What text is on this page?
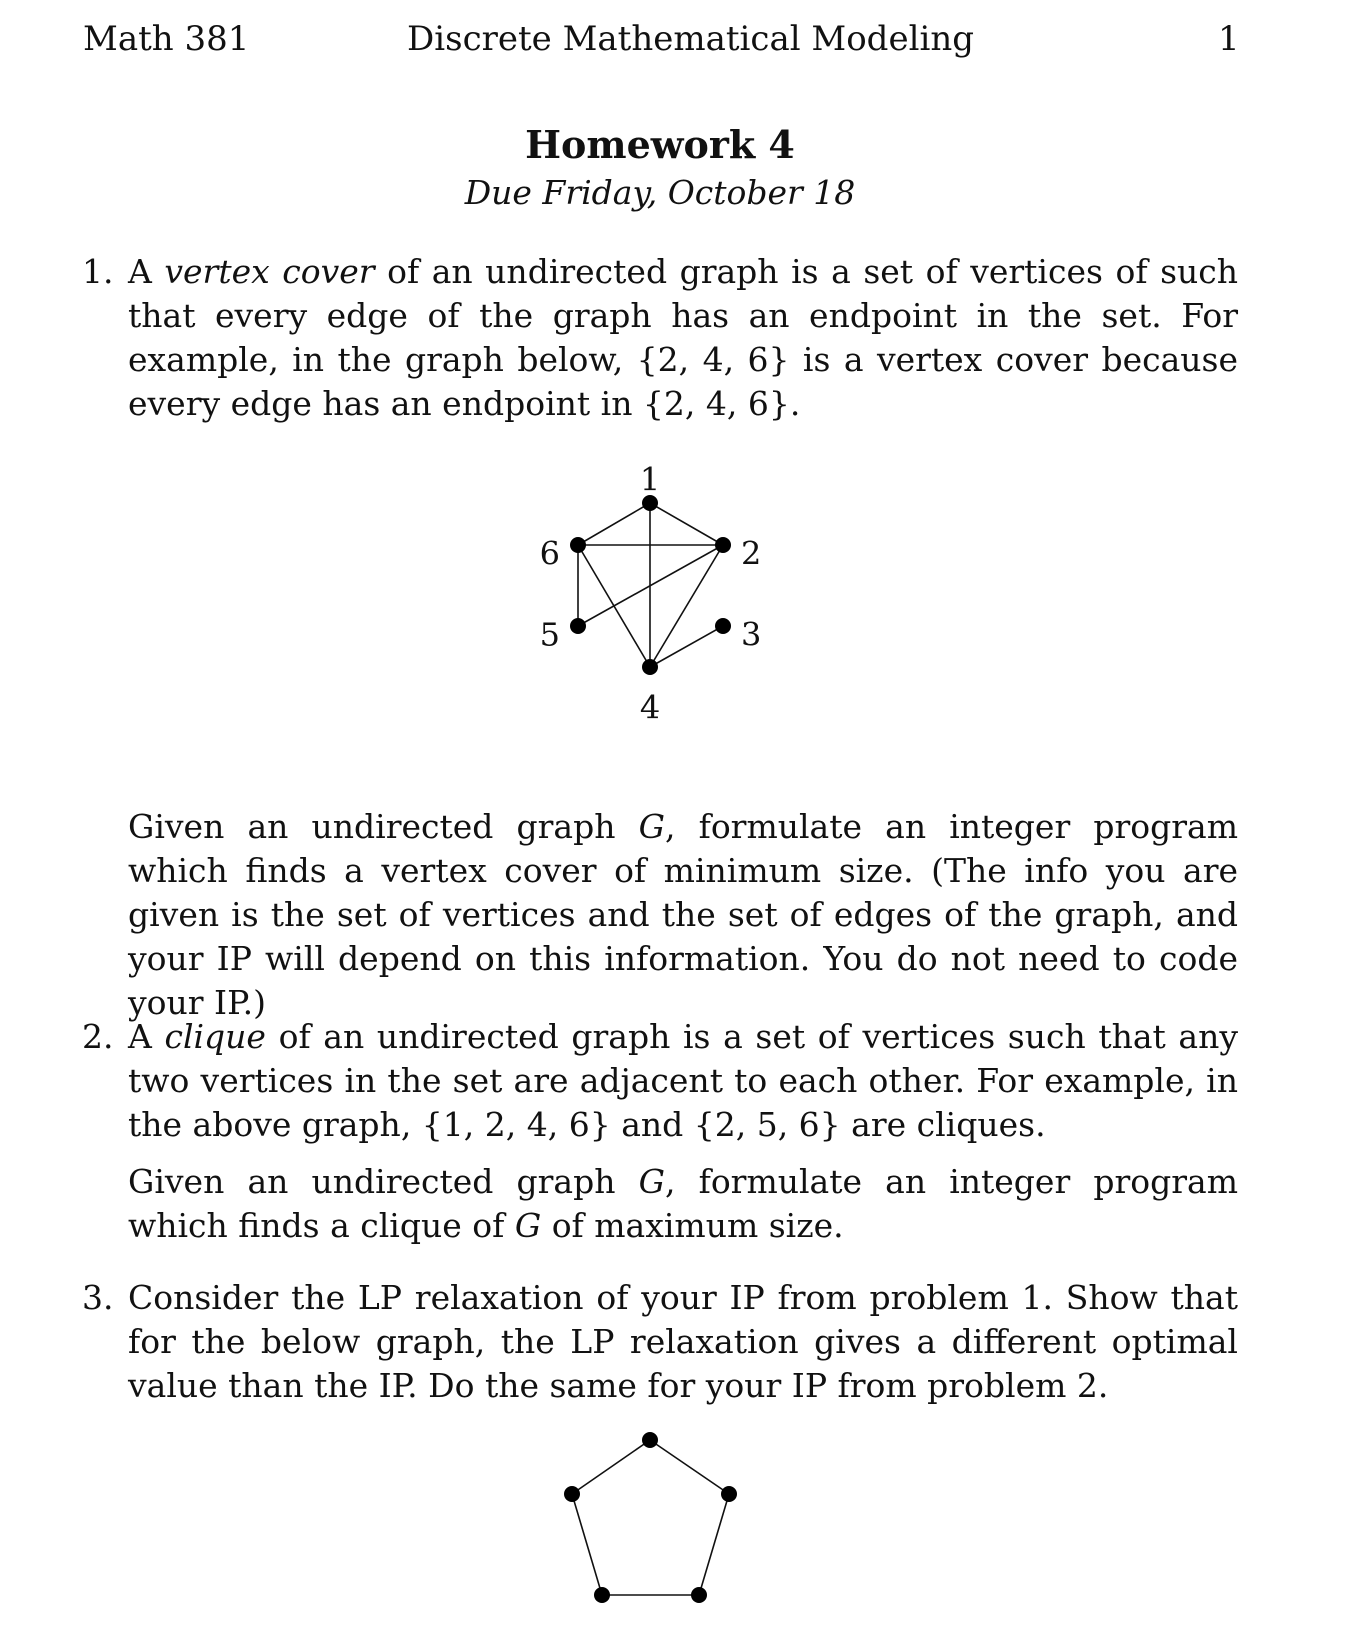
Math 381	Discrete Mathematical Modeling	1
Homework 4
Due Friday, October 18
1. A vertex cover of an undirected graph is a set of vertices of such that every edge of the graph has an endpoint in the set. For example, in the graph below, {2, 4, 6} is a vertex cover because every edge has an endpoint in {2, 4, 6}.

1
2
3
4
5
6

Given an undirected graph G, formulate an integer program which finds a vertex cover of minimum size. (The info you are given is the set of vertices and the set of edges of the graph, and your IP will depend on this information. You do not need to code your IP.)

2. A clique of an undirected graph is a set of vertices such that any two vertices in the set are adjacent to each other. For example, in the above graph, {1, 2, 4, 6} and {2, 5, 6} are cliques.

Given an undirected graph G, formulate an integer program which finds a clique of G of maximum size.

3. Consider the LP relaxation of your IP from problem 1. Show that for the below graph, the LP relaxation gives a different optimal value than the IP. Do the same for your IP from problem 2.
